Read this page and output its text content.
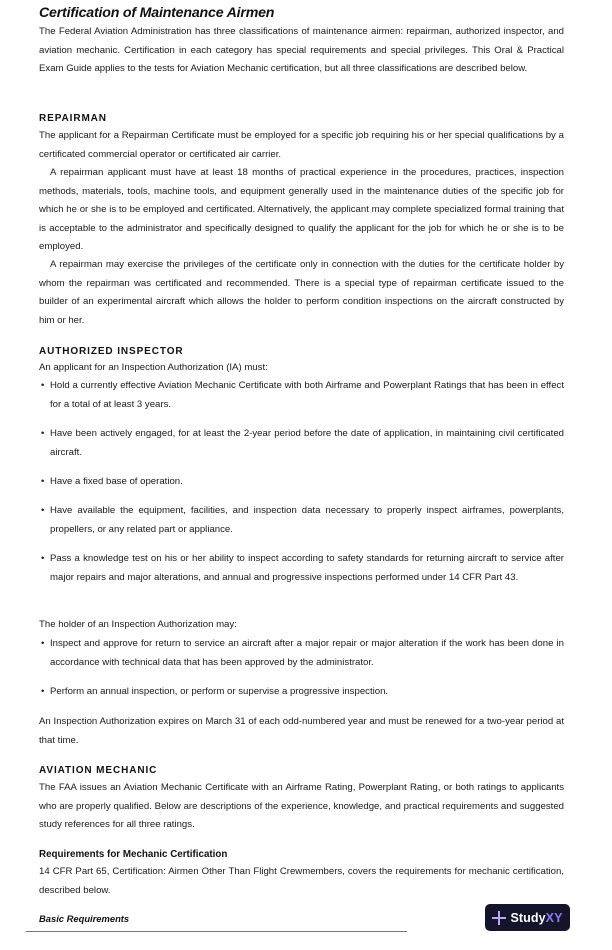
Certification of Maintenance Airmen
The Federal Aviation Administration has three classifications of maintenance airmen: repairman, authorized inspector, and aviation mechanic. Certification in each category has special requirements and special privileges. This Oral & Practical Exam Guide applies to the tests for Aviation Mechanic certification, but all three classifications are described below.
REPAIRMAN
The applicant for a Repairman Certificate must be employed for a specific job requiring his or her special qualifications by a certificated commercial operator or certificated air carrier.
A repairman applicant must have at least 18 months of practical experience in the procedures, practices, inspection methods, materials, tools, machine tools, and equipment generally used in the maintenance duties of the specific job for which he or she is to be employed and certificated. Alternatively, the applicant may complete specialized formal training that is acceptable to the administrator and specifically designed to qualify the applicant for the job for which he or she is to be employed.
A repairman may exercise the privileges of the certificate only in connection with the duties for the certificate holder by whom the repairman was certificated and recommended. There is a special type of repairman certificate issued to the builder of an experimental aircraft which allows the holder to perform condition inspections on the aircraft constructed by him or her.
AUTHORIZED INSPECTOR
An applicant for an Inspection Authorization (IA) must:
• Hold a currently effective Aviation Mechanic Certificate with both Airframe and Powerplant Ratings that has been in effect for a total of at least 3 years.
• Have been actively engaged, for at least the 2-year period before the date of application, in maintaining civil certificated aircraft.
• Have a fixed base of operation.
• Have available the equipment, facilities, and inspection data necessary to properly inspect airframes, powerplants, propellers, or any related part or appliance.
• Pass a knowledge test on his or her ability to inspect according to safety standards for returning aircraft to service after major repairs and major alterations, and annual and progressive inspections performed under 14 CFR Part 43.
The holder of an Inspection Authorization may:
• Inspect and approve for return to service an aircraft after a major repair or major alteration if the work has been done in accordance with technical data that has been approved by the administrator.
• Perform an annual inspection, or perform or supervise a progressive inspection.
An Inspection Authorization expires on March 31 of each odd-numbered year and must be renewed for a two-year period at that time.
AVIATION MECHANIC
The FAA issues an Aviation Mechanic Certificate with an Airframe Rating, Powerplant Rating, or both ratings to applicants who are properly qualified. Below are descriptions of the experience, knowledge, and practical requirements and suggested study references for all three ratings.
Requirements for Mechanic Certification
14 CFR Part 65, Certification: Airmen Other Than Flight Crewmembers, covers the requirements for mechanic certification, described below.
Basic Requirements	StudyXY
